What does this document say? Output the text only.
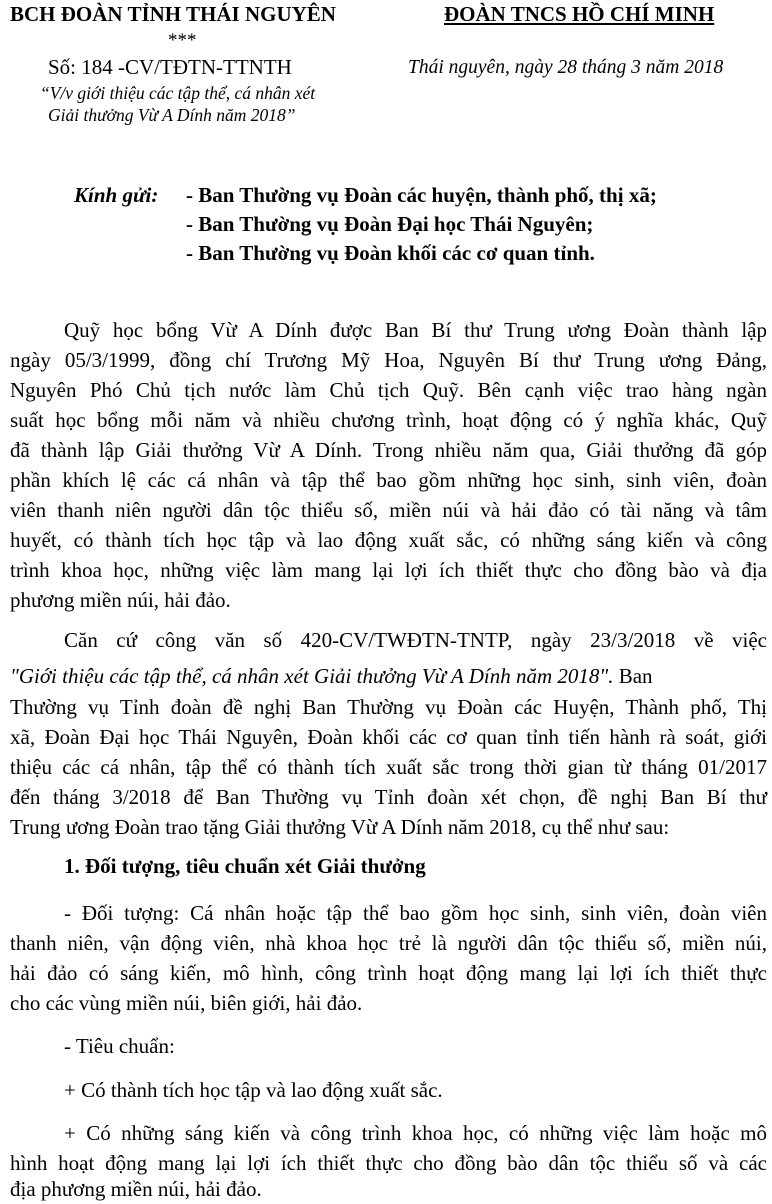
BCH ĐOÀN TỈNH THÁI NGUYÊN
***
ĐOÀN TNCS HỒ CHÍ MINH
Số: 184 -CV/TĐTN-TTNTH
“V/v giới thiệu các tập thể, cá nhân xét
Giải thưởng Vừ A Dính năm 2018”
Thái nguyên, ngày 28 tháng 3 năm 2018
Kính gửi: - Ban Thường vụ Đoàn các huyện, thành phố, thị xã;
- Ban Thường vụ Đoàn Đại học Thái Nguyên;
- Ban Thường vụ Đoàn khối các cơ quan tỉnh.
Quỹ học bổng Vừ A Dính được Ban Bí thư Trung ương Đoàn thành lập
ngày 05/3/1999, đồng chí Trương Mỹ Hoa, Nguyên Bí thư Trung ương Đảng,
Nguyên Phó Chủ tịch nước làm Chủ tịch Quỹ. Bên cạnh việc trao hàng ngàn
suất học bổng mỗi năm và nhiều chương trình, hoạt động có ý nghĩa khác, Quỹ
đã thành lập Giải thưởng Vừ A Dính. Trong nhiều năm qua, Giải thưởng đã góp
phần khích lệ các cá nhân và tập thể bao gồm những học sinh, sinh viên, đoàn
viên thanh niên người dân tộc thiểu số, miền núi và hải đảo có tài năng và tâm
huyết, có thành tích học tập và lao động xuất sắc, có những sáng kiến và công
trình khoa học, những việc làm mang lại lợi ích thiết thực cho đồng bào và địa
phương miền núi, hải đảo.
Căn cứ công văn số 420-CV/TWĐTN-TNTP, ngày 23/3/2018 về việc
"Giới thiệu các tập thể, cá nhân xét Giải thưởng Vừ A Dính năm 2018". Ban
Thường vụ Tỉnh đoàn đề nghị Ban Thường vụ Đoàn các Huyện, Thành phố, Thị
xã, Đoàn Đại học Thái Nguyên, Đoàn khối các cơ quan tỉnh tiến hành rà soát, giới
thiệu các cá nhân, tập thể có thành tích xuất sắc trong thời gian từ tháng 01/2017
đến tháng 3/2018 để Ban Thường vụ Tỉnh đoàn xét chọn, đề nghị Ban Bí thư
Trung ương Đoàn trao tặng Giải thưởng Vừ A Dính năm 2018, cụ thể như sau:
1. Đối tượng, tiêu chuẩn xét Giải thưởng
- Đối tượng: Cá nhân hoặc tập thể bao gồm học sinh, sinh viên, đoàn viên
thanh niên, vận động viên, nhà khoa học trẻ là người dân tộc thiểu số, miền núi,
hải đảo có sáng kiến, mô hình, công trình hoạt động mang lại lợi ích thiết thực
cho các vùng miền núi, biên giới, hải đảo.
- Tiêu chuẩn:
+ Có thành tích học tập và lao động xuất sắc.
+ Có những sáng kiến và công trình khoa học, có những việc làm hoặc mô
hình hoạt động mang lại lợi ích thiết thực cho đồng bào dân tộc thiểu số và các
địa phương miền núi, hải đảo.
